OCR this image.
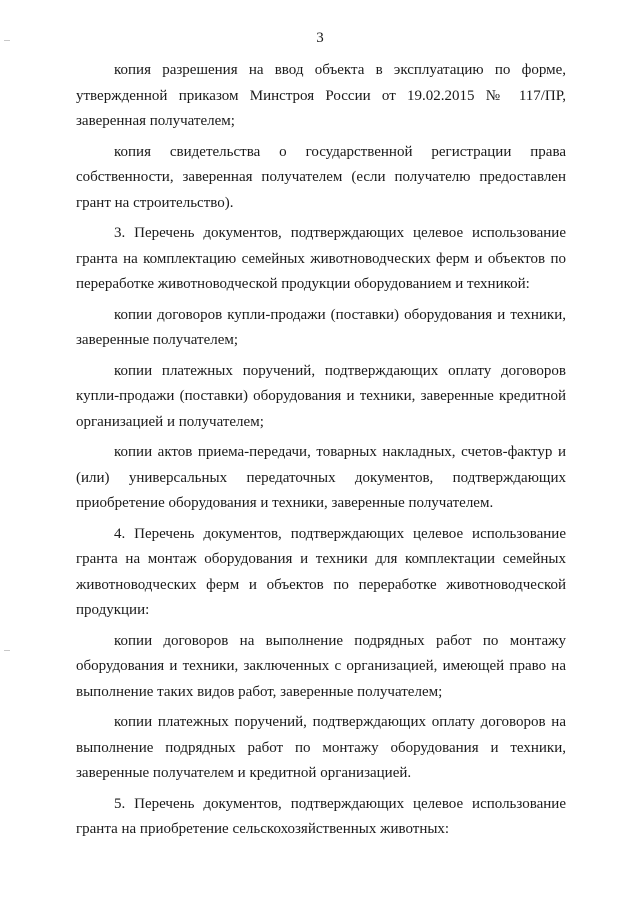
3
копия разрешения на ввод объекта в эксплуатацию по форме,
утвержденной приказом Минстроя России от 19.02.2015 № 117/ПР,
заверенная получателем;
копия свидетельства о государственной регистрации права
собственности, заверенная получателем (если получателю предоставлен
грант на строительство).
3. Перечень документов, подтверждающих целевое использование
гранта на комплектацию семейных животноводческих ферм и объектов по
переработке животноводческой продукции оборудованием и техникой:
копии договоров купли-продажи (поставки) оборудования и техники,
заверенные получателем;
копии платежных поручений, подтверждающих оплату договоров
купли-продажи (поставки) оборудования и техники, заверенные кредитной
организацией и получателем;
копии актов приема-передачи, товарных накладных, счетов-фактур и
(или) универсальных передаточных документов, подтверждающих
приобретение оборудования и техники, заверенные получателем.
4. Перечень документов, подтверждающих целевое использование
гранта на монтаж оборудования и техники для комплектации семейных
животноводческих ферм и объектов по переработке животноводческой
продукции:
копии договоров на выполнение подрядных работ по монтажу
оборудования и техники, заключенных с организацией, имеющей право на
выполнение таких видов работ, заверенные получателем;
копии платежных поручений, подтверждающих оплату договоров на
выполнение подрядных работ по монтажу оборудования и техники,
заверенные получателем и кредитной организацией.
5. Перечень документов, подтверждающих целевое использование
гранта на приобретение сельскохозяйственных животных:
